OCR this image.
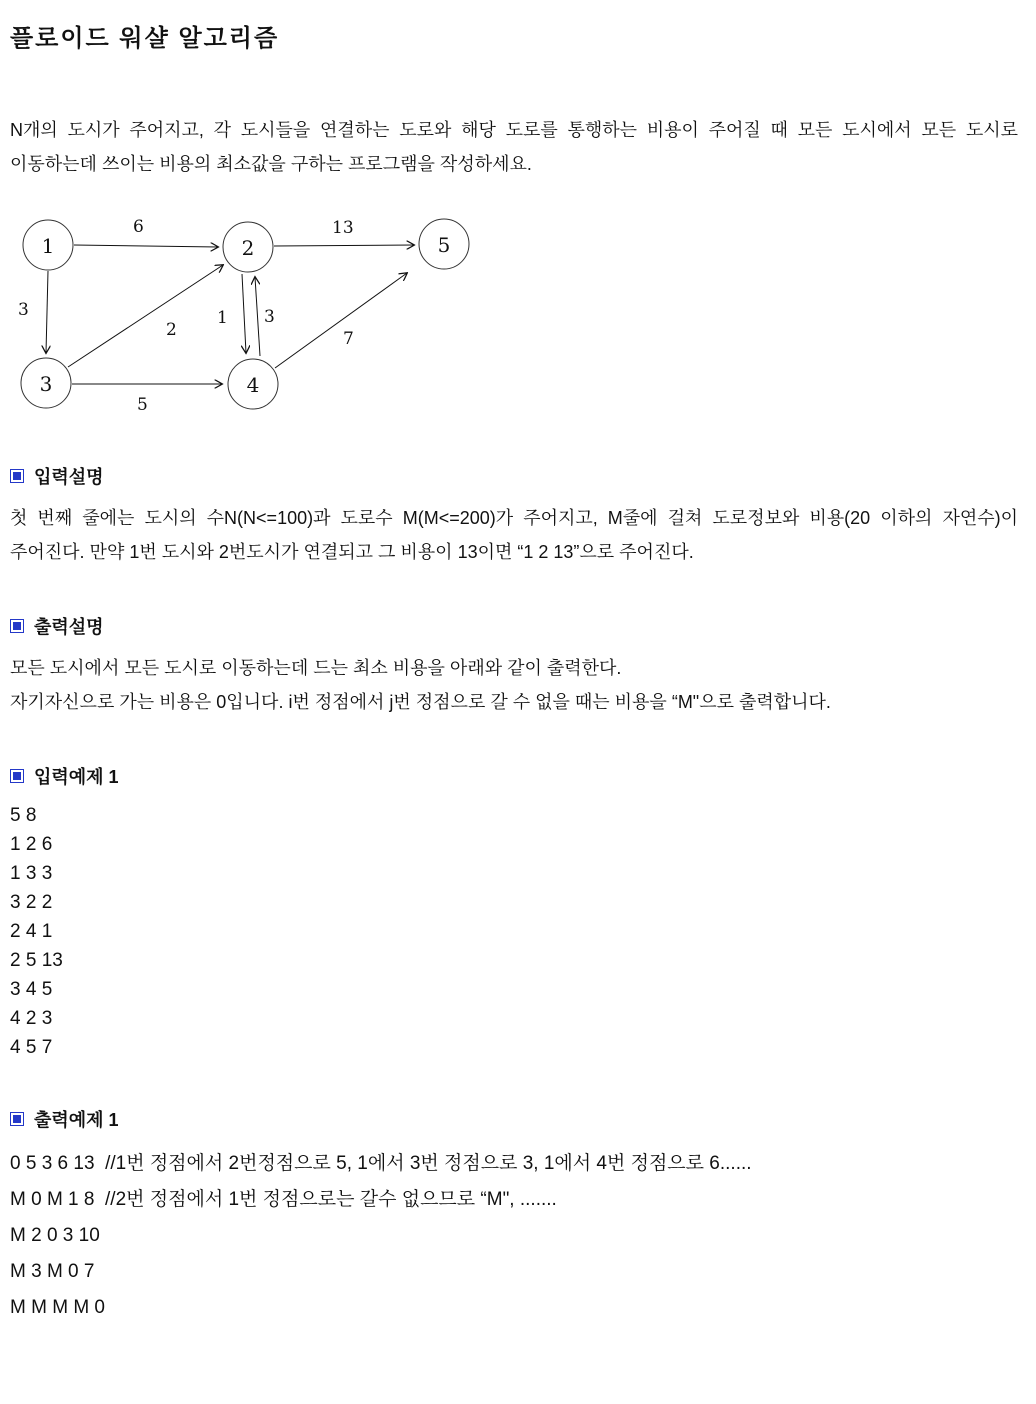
플로이드 워샬 알고리즘

N개의 도시가 주어지고, 각 도시들을 연결하는 도로와 해당 도로를 통행하는 비용이 주어질 때 모든 도시에서 모든 도시로 이동하는데 쓰이는 비용의 최소값을 구하는 프로그램을 작성하세요.

6	13
3
2
1 3
5
7
1	2
3	4
5
입력설명

첫 번째 줄에는 도시의 수N(N<=100)과 도로수 M(M<=200)가 주어지고, M줄에 걸쳐 도로정보와 비용(20 이하의 자연수)이 주어진다. 만약 1번 도시와 2번도시가 연결되고 그 비용이 13이면 “1 2 13”으로 주어진다.

출력설명

모든 도시에서 모든 도시로 이동하는데 드는 최소 비용을 아래와 같이 출력한다.

자기자신으로 가는 비용은 0입니다. i번 정점에서 j번 정점으로 갈 수 없을 때는 비용을 “M"으로 출력합니다.

입력예제 1
5 8
1 2 6
1 3 3
3 2 2
2 4 1
2 5 13
3 4 5
4 2 3
4 5 7
출력예제 1
0 5 3 6 13  //1번 정점에서 2번정점으로 5, 1에서 3번 정점으로 3, 1에서 4번 정점으로 6......
M 0 M 1 8  //2번 정점에서 1번 정점으로는 갈수 없으므로 “M", .......
M 2 0 3 10
M 3 M 0 7
M M M M 0
